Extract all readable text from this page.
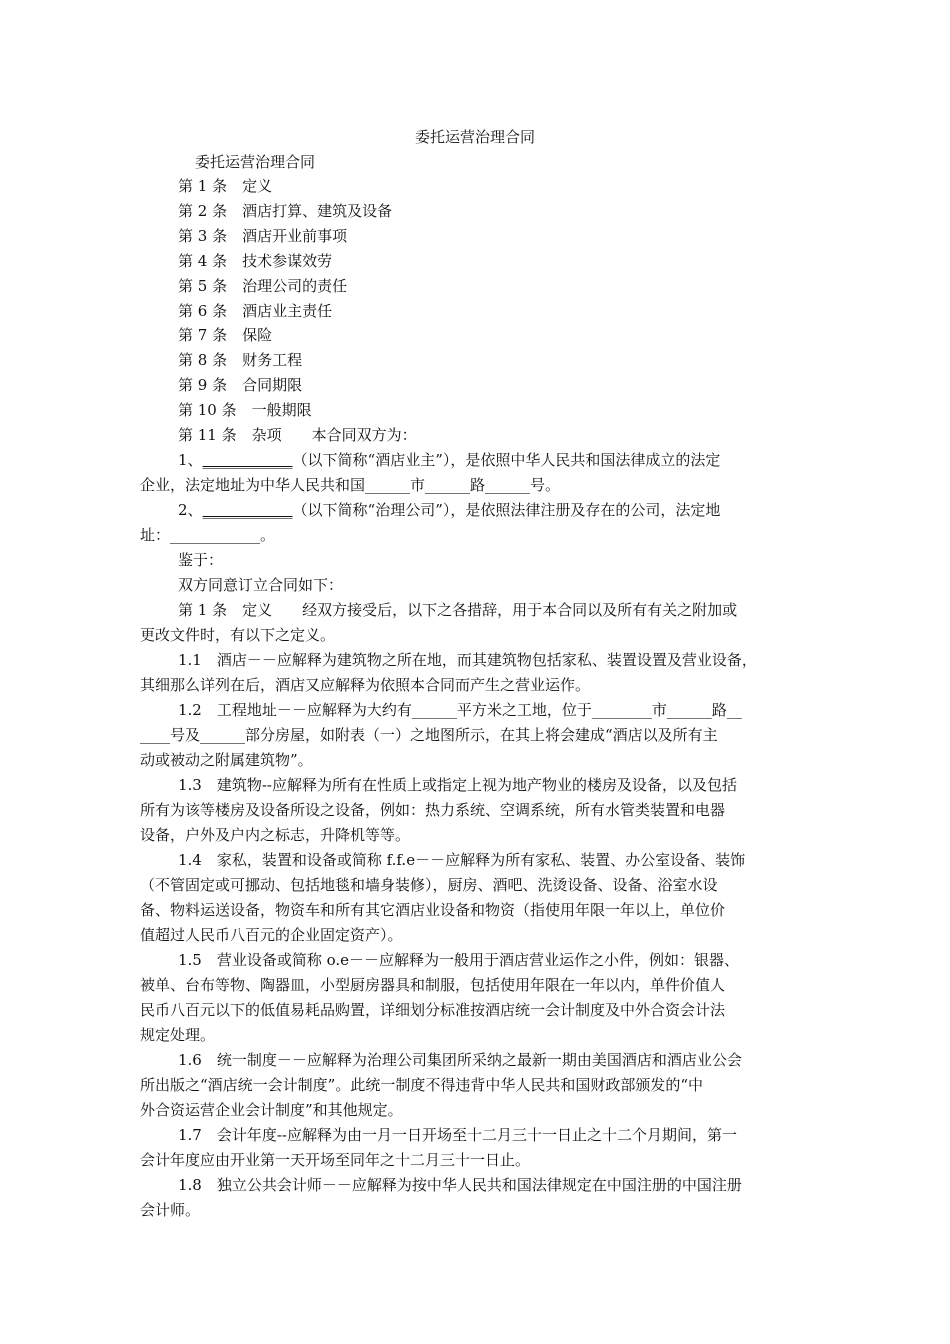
委托运营治理合同
委托运营治理合同
第 1 条　定义
第 2 条　酒店打算、建筑及设备
第 3 条　酒店开业前事项
第 4 条　技术参谋效劳
第 5 条　治理公司的责任
第 6 条　酒店业主责任
第 7 条　保险
第 8 条　财务工程
第 9 条　合同期限
第 10 条　一般期限
第 11 条　杂项　　本合同双方为：
1、____________（以下简称“酒店业主”），是依照中华人民共和国法律成立的法定
企业，法定地址为中华人民共和国______市______路______号。
2、____________（以下简称“治理公司”），是依照法律注册及存在的公司，法定地
址：____________。
鉴于：
双方同意订立合同如下：
第 1 条　定义　　经双方接受后，以下之各措辞，用于本合同以及所有有关之附加或
更改文件时，有以下之定义。
1.1　酒店－－应解释为建筑物之所在地，而其建筑物包括家私、装置设置及营业设备，
其细那么详列在后，酒店又应解释为依照本合同而产生之营业运作。
1.2　工程地址－－应解释为大约有______平方米之工地，位于________市______路__
____号及______部分房屋，如附表（一）之地图所示，在其上将会建成“酒店以及所有主
动或被动之附属建筑物”。
1.3　建筑物--应解释为所有在性质上或指定上视为地产物业的楼房及设备，以及包括
所有为该等楼房及设备所设之设备，例如：热力系统、空调系统，所有水管类装置和电器
设备，户外及户内之标志，升降机等等。
1.4　家私，装置和设备或简称 f.f.e－－应解释为所有家私、装置、办公室设备、装饰
（不管固定或可挪动、包括地毯和墙身装修），厨房、酒吧、洗烫设备、设备、浴室水设
备、物料运送设备，物资车和所有其它酒店业设备和物资（指使用年限一年以上，单位价
值超过人民币八百元的企业固定资产）。
1.5　营业设备或简称 o.e－－应解释为一般用于酒店营业运作之小件，例如：银器、
被单、台布等物、陶器皿，小型厨房器具和制服，包括使用年限在一年以内，单件价值人
民币八百元以下的低值易耗品购置，详细划分标准按酒店统一会计制度及中外合资会计法
规定处理。
1.6　统一制度－－应解释为治理公司集团所采纳之最新一期由美国酒店和酒店业公会
所出版之“酒店统一会计制度”。此统一制度不得违背中华人民共和国财政部颁发的“中
外合资运营企业会计制度”和其他规定。
1.7　会计年度--应解释为由一月一日开场至十二月三十一日止之十二个月期间，第一
会计年度应由开业第一天开场至同年之十二月三十一日止。
1.8　独立公共会计师－－应解释为按中华人民共和国法律规定在中国注册的中国注册
会计师。
